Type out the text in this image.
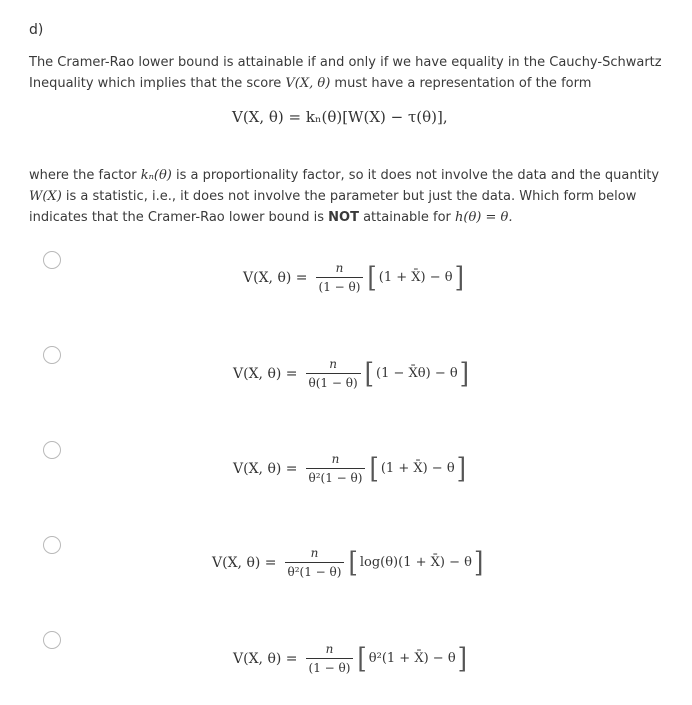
d)
The Cramer-Rao lower bound is attainable if and only if we have equality in the Cauchy-Schwartz
Inequality which implies that the score V(X, θ) must have a representation of the form
V(X, θ) = kₙ(θ)[W(X) − τ(θ)],
where the factor kₙ(θ) is a proportionality factor, so it does not involve the data and the quantity
W(X) is a statistic, i.e., it does not involve the parameter but just the data. Which form below
indicates that the Cramer-Rao lower bound is NOT attainable for h(θ) = θ.
V(X, $\theta) = \frac{n}{(1 - \theta)}$ [ (1 + X̄) − θ ]
V(X, $\theta) = \frac{n}{\theta(1 - \theta)}$ [ (1 − X̄θ) − θ ]
V(X, $\theta) = \frac{n}{\text{θ²(1 − θ)}}$ [ (1 + X̄) − θ ]
V(X, $\theta) = \frac{n}{\text{θ²(1 − θ)}}$ [ log(θ)(1 + X̄) − θ ]
V(X, $\theta) = \frac{n}{(1 - \theta)}$ [ θ²(1 + X̄) − θ ]
